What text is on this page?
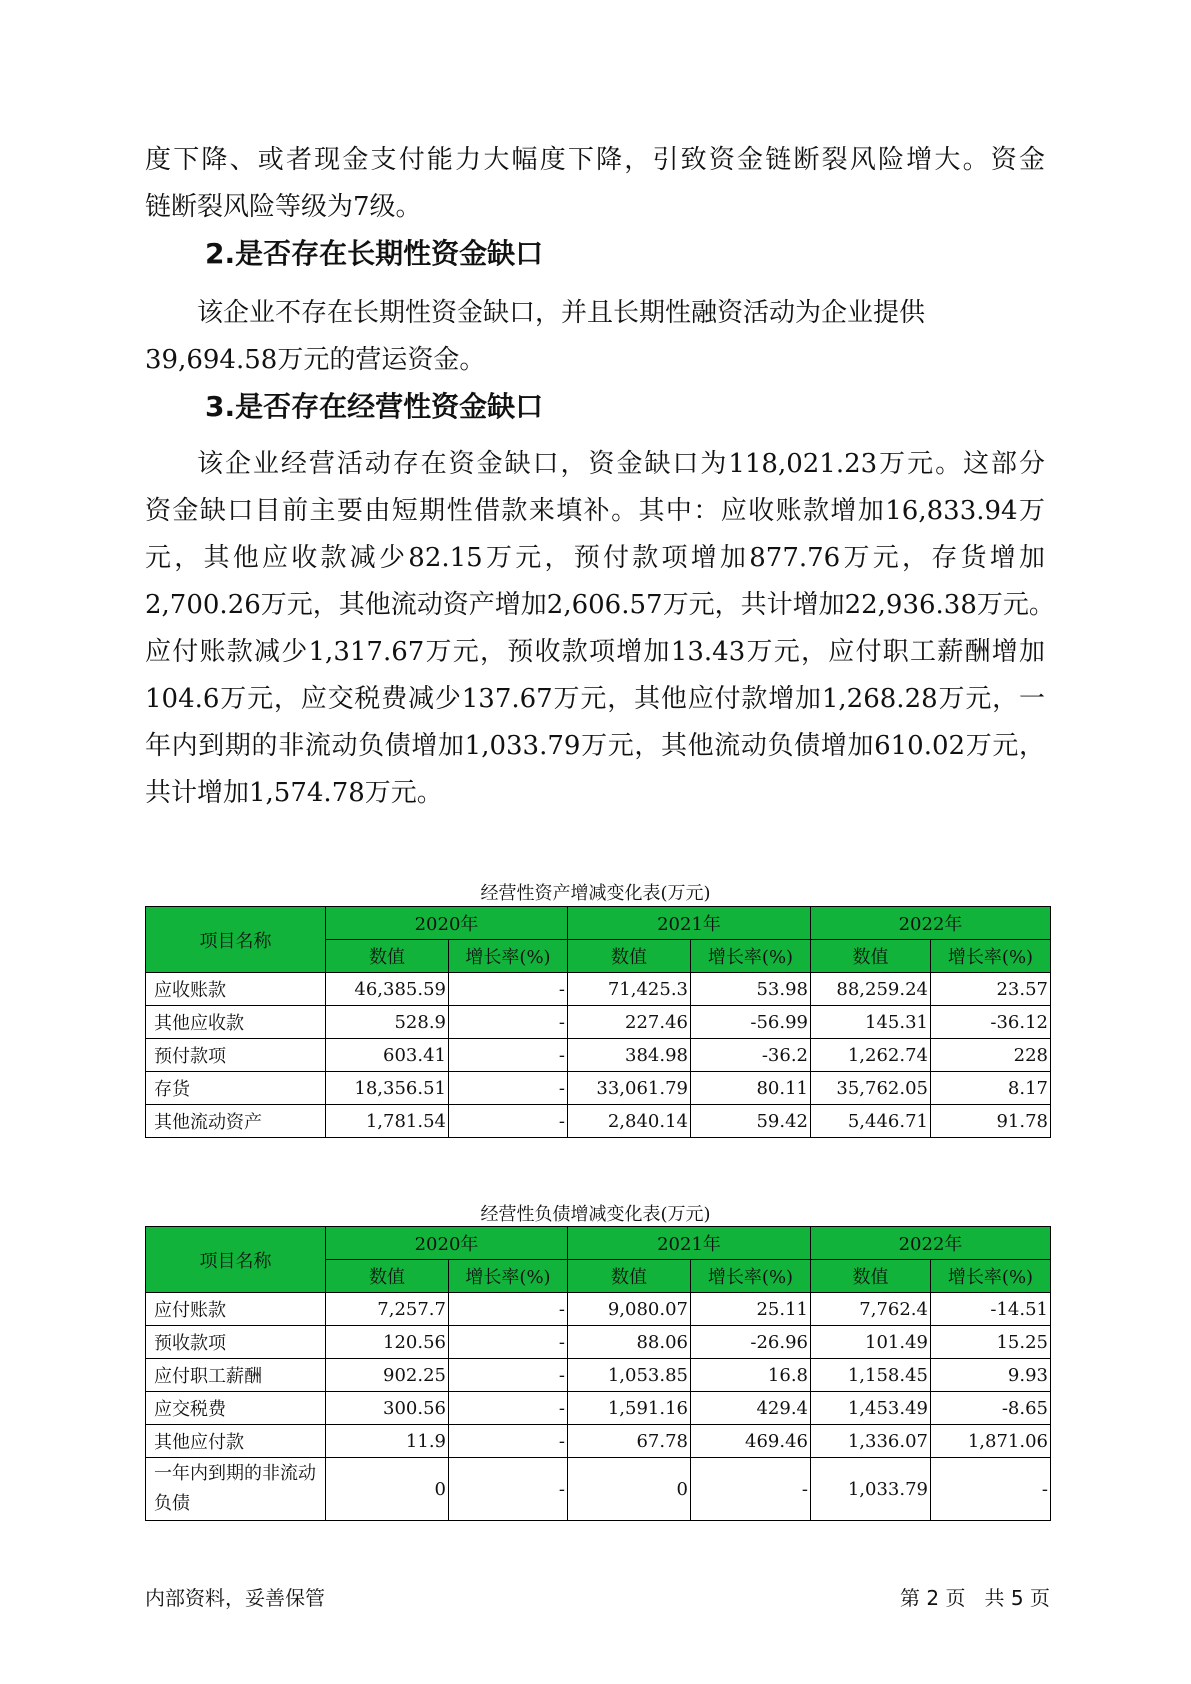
度下降、或者现金支付能力大幅度下降，引致资金链断裂风险增大。资金
链断裂风险等级为7级。
2.是否存在长期性资金缺口
该企业不存在长期性资金缺口，并且长期性融资活动为企业提供
39,694.58万元的营运资金。
3.是否存在经营性资金缺口
该企业经营活动存在资金缺口，资金缺口为118,021.23万元。这部分
资金缺口目前主要由短期性借款来填补。其中：应收账款增加16,833.94万
元，其他应收款减少82.15万元，预付款项增加877.76万元，存货增加
2,700.26万元，其他流动资产增加2,606.57万元，共计增加22,936.38万元。
应付账款减少1,317.67万元，预收款项增加13.43万元，应付职工薪酬增加
104.6万元，应交税费减少137.67万元，其他应付款增加1,268.28万元，一
年内到期的非流动负债增加1,033.79万元，其他流动负债增加610.02万元，
共计增加1,574.78万元。
经营性资产增减变化表(万元)
项目名称	2020年		2021年		2022年	
	数值	增长率(%)	数值	增长率(%)	数值	增长率(%)
应收账款	46,385.59	-	71,425.3	53.98	88,259.24	23.57
其他应收款	528.9	-	227.46	-56.99	145.31	-36.12
预付款项	603.41	-	384.98	-36.2	1,262.74	228
存货	18,356.51	-	33,061.79	80.11	35,762.05	8.17
其他流动资产	1,781.54	-	2,840.14	59.42	5,446.71	91.78
经营性负债增减变化表(万元)
项目名称	2020年		2021年		2022年	
	数值	增长率(%)	数值	增长率(%)	数值	增长率(%)
应付账款	7,257.7	-	9,080.07	25.11	7,762.4	-14.51
预收款项	120.56	-	88.06	-26.96	101.49	15.25
应付职工薪酬	902.25	-	1,053.85	16.8	1,158.45	9.93
应交税费	300.56	-	1,591.16	429.4	1,453.49	-8.65
其他应付款	11.9	-	67.78	469.46	1,336.07	1,871.06
一年内到期的非流动负债	0	-	0	-	1,033.79	-
内部资料，妥善保管	第 2 页   共 5 页
